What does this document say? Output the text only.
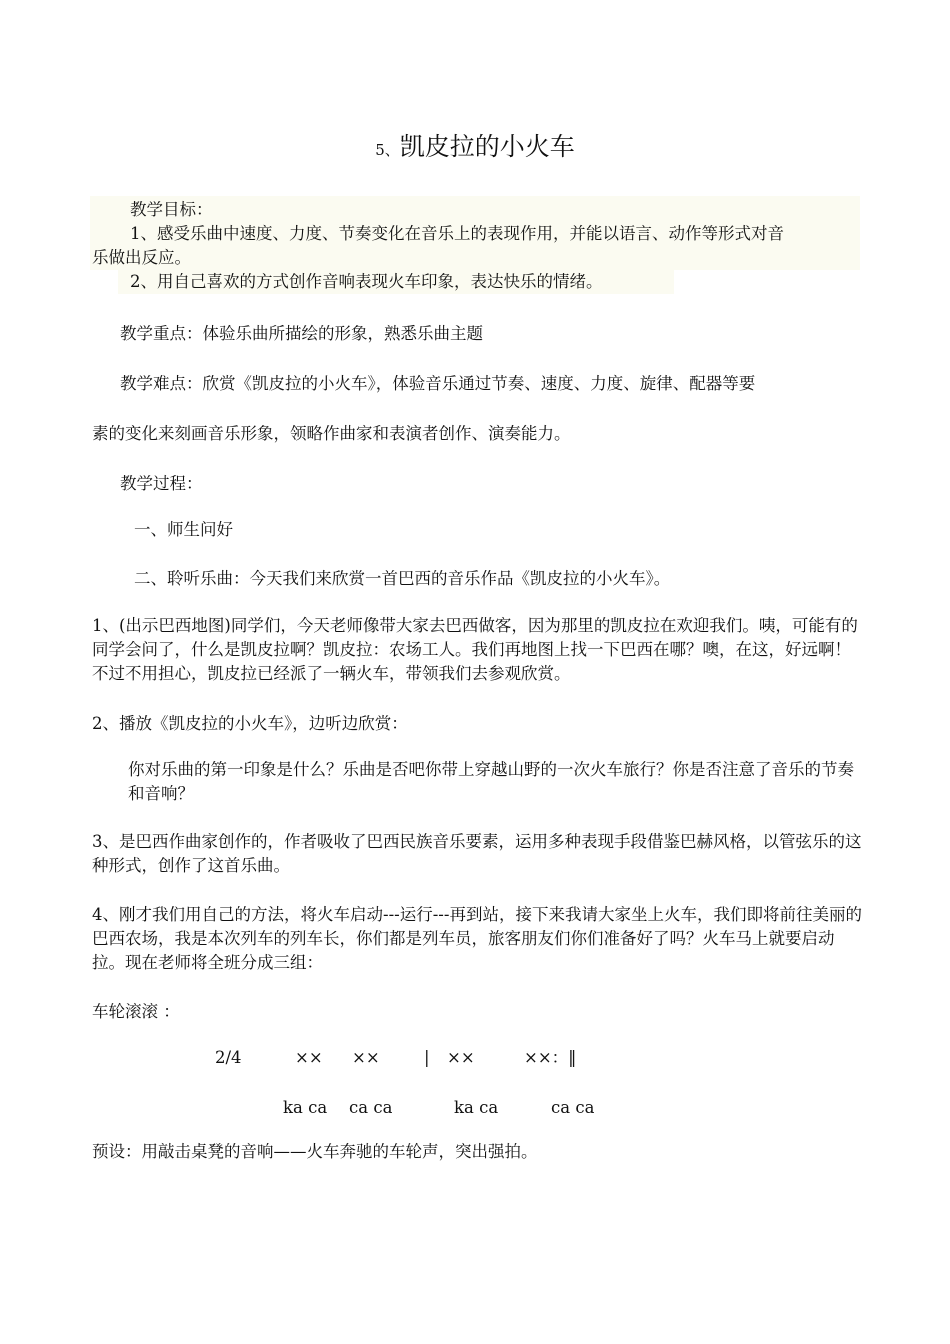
5、凯皮拉的小火车
教学目标：
1、感受乐曲中速度、力度、节奏变化在音乐上的表现作用，并能以语言、动作等形式对音
乐做出反应。
2、用自己喜欢的方式创作音响表现火车印象，表达快乐的情绪。
教学重点：体验乐曲所描绘的形象，熟悉乐曲主题
教学难点：欣赏《凯皮拉的小火车》，体验音乐通过节奏、速度、力度、旋律、配器等要
素的变化来刻画音乐形象，领略作曲家和表演者创作、演奏能力。
教学过程：
一、师生问好
二、聆听乐曲：今天我们来欣赏一首巴西的音乐作品《凯皮拉的小火车》。
1、(出示巴西地图)同学们，今天老师像带大家去巴西做客，因为那里的凯皮拉在欢迎我们。咦，可能有的同学会问了，什么是凯皮拉啊？凯皮拉：农场工人。我们再地图上找一下巴西在哪？噢，在这，好远啊！不过不用担心，凯皮拉已经派了一辆火车，带领我们去参观欣赏。
2、播放《凯皮拉的小火车》，边听边欣赏：
你对乐曲的第一印象是什么？乐曲是否吧你带上穿越山野的一次火车旅行？你是否注意了音乐的节奏和音响？
3、是巴西作曲家创作的，作者吸收了巴西民族音乐要素，运用多种表现手段借鉴巴赫风格，以管弦乐的这种形式，创作了这首乐曲。
4、刚才我们用自己的方法，将火车启动---运行---再到站，接下来我请大家坐上火车，我们即将前往美丽的巴西农场，我是本次列车的列车长，你们都是列车员，旅客朋友们你们准备好了吗？火车马上就要启动拉。现在老师将全班分成三组：
车轮滚滚 ：
2/4	×× ××	| ××	××：‖
ka ca ca ca	ka ca	ca ca
预设：用敲击桌凳的音响——火车奔驰的车轮声，突出强拍。
